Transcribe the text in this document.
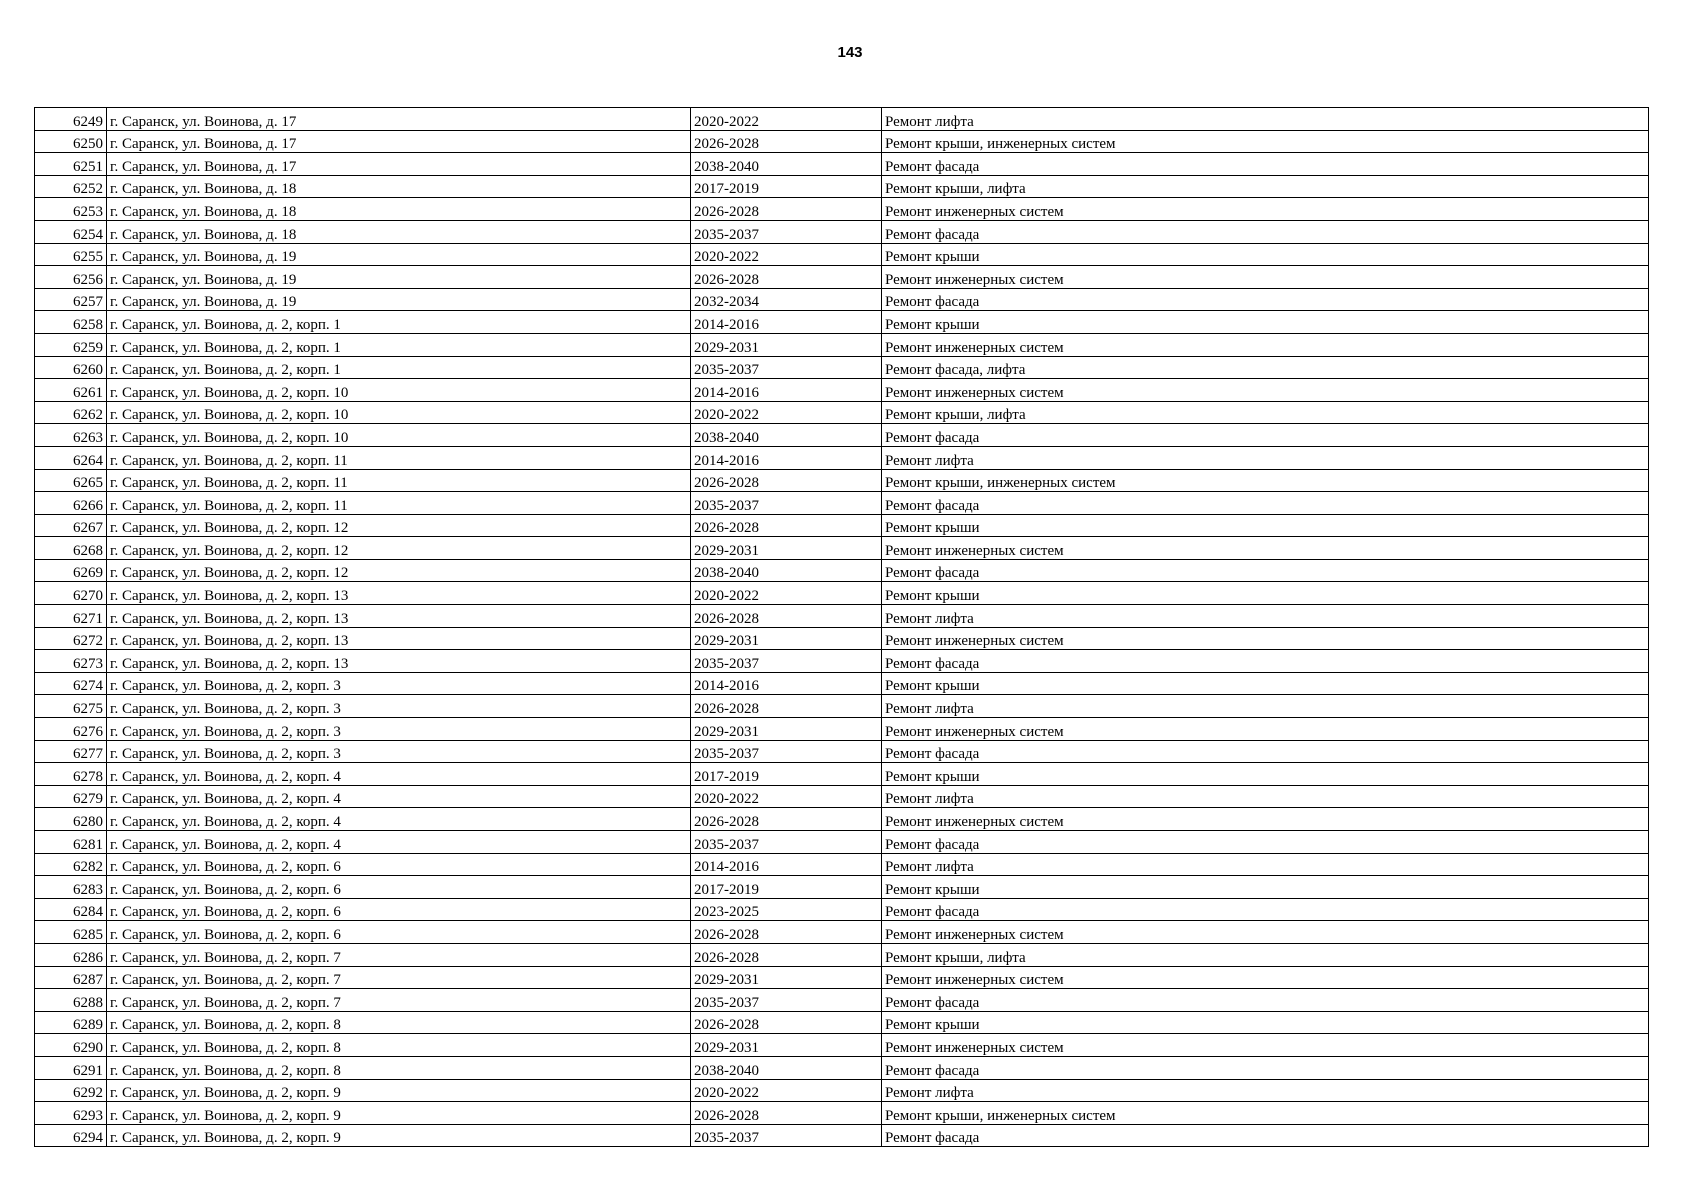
143
6249	г. Саранск, ул. Воинова, д. 17	2020-2022	Ремонт лифта
6250	г. Саранск, ул. Воинова, д. 17	2026-2028	Ремонт крыши, инженерных систем
6251	г. Саранск, ул. Воинова, д. 17	2038-2040	Ремонт фасада
6252	г. Саранск, ул. Воинова, д. 18	2017-2019	Ремонт крыши, лифта
6253	г. Саранск, ул. Воинова, д. 18	2026-2028	Ремонт инженерных систем
6254	г. Саранск, ул. Воинова, д. 18	2035-2037	Ремонт фасада
6255	г. Саранск, ул. Воинова, д. 19	2020-2022	Ремонт крыши
6256	г. Саранск, ул. Воинова, д. 19	2026-2028	Ремонт инженерных систем
6257	г. Саранск, ул. Воинова, д. 19	2032-2034	Ремонт фасада
6258	г. Саранск, ул. Воинова, д. 2, корп. 1	2014-2016	Ремонт крыши
6259	г. Саранск, ул. Воинова, д. 2, корп. 1	2029-2031	Ремонт инженерных систем
6260	г. Саранск, ул. Воинова, д. 2, корп. 1	2035-2037	Ремонт фасада, лифта
6261	г. Саранск, ул. Воинова, д. 2, корп. 10	2014-2016	Ремонт инженерных систем
6262	г. Саранск, ул. Воинова, д. 2, корп. 10	2020-2022	Ремонт крыши, лифта
6263	г. Саранск, ул. Воинова, д. 2, корп. 10	2038-2040	Ремонт фасада
6264	г. Саранск, ул. Воинова, д. 2, корп. 11	2014-2016	Ремонт лифта
6265	г. Саранск, ул. Воинова, д. 2, корп. 11	2026-2028	Ремонт крыши, инженерных систем
6266	г. Саранск, ул. Воинова, д. 2, корп. 11	2035-2037	Ремонт фасада
6267	г. Саранск, ул. Воинова, д. 2, корп. 12	2026-2028	Ремонт крыши
6268	г. Саранск, ул. Воинова, д. 2, корп. 12	2029-2031	Ремонт инженерных систем
6269	г. Саранск, ул. Воинова, д. 2, корп. 12	2038-2040	Ремонт фасада
6270	г. Саранск, ул. Воинова, д. 2, корп. 13	2020-2022	Ремонт крыши
6271	г. Саранск, ул. Воинова, д. 2, корп. 13	2026-2028	Ремонт лифта
6272	г. Саранск, ул. Воинова, д. 2, корп. 13	2029-2031	Ремонт инженерных систем
6273	г. Саранск, ул. Воинова, д. 2, корп. 13	2035-2037	Ремонт фасада
6274	г. Саранск, ул. Воинова, д. 2, корп. 3	2014-2016	Ремонт крыши
6275	г. Саранск, ул. Воинова, д. 2, корп. 3	2026-2028	Ремонт лифта
6276	г. Саранск, ул. Воинова, д. 2, корп. 3	2029-2031	Ремонт инженерных систем
6277	г. Саранск, ул. Воинова, д. 2, корп. 3	2035-2037	Ремонт фасада
6278	г. Саранск, ул. Воинова, д. 2, корп. 4	2017-2019	Ремонт крыши
6279	г. Саранск, ул. Воинова, д. 2, корп. 4	2020-2022	Ремонт лифта
6280	г. Саранск, ул. Воинова, д. 2, корп. 4	2026-2028	Ремонт инженерных систем
6281	г. Саранск, ул. Воинова, д. 2, корп. 4	2035-2037	Ремонт фасада
6282	г. Саранск, ул. Воинова, д. 2, корп. 6	2014-2016	Ремонт лифта
6283	г. Саранск, ул. Воинова, д. 2, корп. 6	2017-2019	Ремонт крыши
6284	г. Саранск, ул. Воинова, д. 2, корп. 6	2023-2025	Ремонт фасада
6285	г. Саранск, ул. Воинова, д. 2, корп. 6	2026-2028	Ремонт инженерных систем
6286	г. Саранск, ул. Воинова, д. 2, корп. 7	2026-2028	Ремонт крыши, лифта
6287	г. Саранск, ул. Воинова, д. 2, корп. 7	2029-2031	Ремонт инженерных систем
6288	г. Саранск, ул. Воинова, д. 2, корп. 7	2035-2037	Ремонт фасада
6289	г. Саранск, ул. Воинова, д. 2, корп. 8	2026-2028	Ремонт крыши
6290	г. Саранск, ул. Воинова, д. 2, корп. 8	2029-2031	Ремонт инженерных систем
6291	г. Саранск, ул. Воинова, д. 2, корп. 8	2038-2040	Ремонт фасада
6292	г. Саранск, ул. Воинова, д. 2, корп. 9	2020-2022	Ремонт лифта
6293	г. Саранск, ул. Воинова, д. 2, корп. 9	2026-2028	Ремонт крыши, инженерных систем
6294	г. Саранск, ул. Воинова, д. 2, корп. 9	2035-2037	Ремонт фасада
